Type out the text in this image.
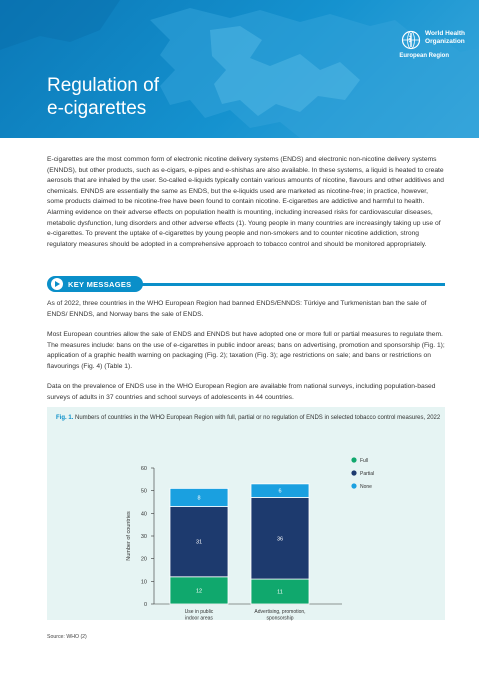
Regulation of
e-cigarettes
World Health
Organization
European Region

E-cigarettes are the most common form of electronic nicotine delivery systems (ENDS) and electronic non-nicotine delivery systems (ENNDS), but other products, such as e-cigars, e-pipes and e-shishas are also available. In these systems, a liquid is heated to create aerosols that are inhaled by the user. So-called e-liquids typically contain various amounts of nicotine, flavours and other additives and chemicals. ENNDS are essentially the same as ENDS, but the e-liquids used are marketed as nicotine-free; in practice, however, some products claimed to be nicotine-free have been found to contain nicotine. E-cigarettes are addictive and harmful to health. Alarming evidence on their adverse effects on population health is mounting, including increased risks for cardiovascular diseases, metabolic dysfunction, lung disorders and other adverse effects (1). Young people in many countries are increasingly taking up use of e-cigarettes. To prevent the uptake of e-cigarettes by young people and non-smokers and to counter nicotine addiction, strong regulatory measures should be adopted in a comprehensive approach to tobacco control and should be monitored appropriately.

KEY MESSAGES

As of 2022, three countries in the WHO European Region had banned ENDS/ENNDS: Türkiye and Turkmenistan ban the sale of ENDS/ ENNDS, and Norway bans the sale of ENDS.

Most European countries allow the sale of ENDS and ENNDS but have adopted one or more full or partial measures to regulate them. The measures include: bans on the use of e-cigarettes in public indoor areas; bans on advertising, promotion and sponsorship (Fig. 1); application of a graphic health warning on packaging (Fig. 2); taxation (Fig. 3); age restrictions on sale; and bans or restrictions on flavourings (Fig. 4) (Table 1).

Data on the prevalence of ENDS use in the WHO European Region are available from national surveys, including population-based surveys of adults in 37 countries and school surveys of adolescents in 44 countries.

Fig. 1. Numbers of countries in the WHO European Region with full, partial or no regulation of ENDS in selected tobacco control measures, 2022
0
10
20
30
40
50
60
Number of countries
12
31
8
Use in public indoor areas
11
36
6
Advertising, promotion, sponsorship
Full
Partial
None
Source: WHO (2)
